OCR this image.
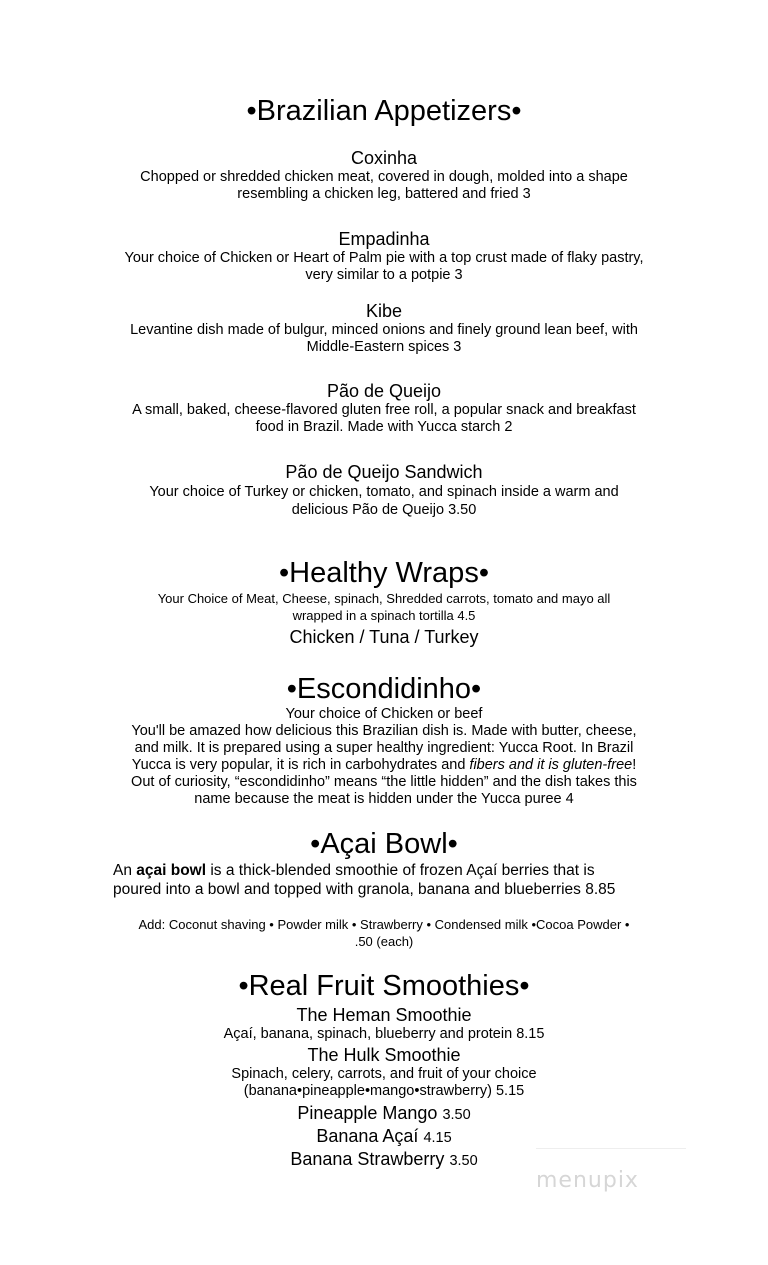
•Brazilian Appetizers•
Coxinha
Chopped or shredded chicken meat, covered in dough, molded into a shape
resembling a chicken leg, battered and fried 3
Empadinha
Your choice of Chicken or Heart of Palm pie with a top crust made of flaky pastry,
very similar to a potpie 3
Kibe
Levantine dish made of bulgur, minced onions and finely ground lean beef, with
Middle-Eastern spices 3
Pão de Queijo
A small, baked, cheese-flavored gluten free roll, a popular snack and breakfast
food in Brazil. Made with Yucca starch 2
Pão de Queijo Sandwich
Your choice of Turkey or chicken, tomato, and spinach inside a warm and
delicious Pão de Queijo 3.50
•Healthy Wraps•
Your Choice of Meat, Cheese, spinach, Shredded carrots, tomato and mayo all
wrapped in a spinach tortilla 4.5
Chicken / Tuna / Turkey
•Escondidinho•
Your choice of Chicken or beef
You'll be amazed how delicious this Brazilian dish is. Made with butter, cheese,
and milk. It is prepared using a super healthy ingredient: Yucca Root. In Brazil
Yucca is very popular, it is rich in carbohydrates and fibers and it is gluten-free!
Out of curiosity, “escondidinho” means “the little hidden” and the dish takes this
name because the meat is hidden under the Yucca puree 4
•Açai Bowl•
An açai bowl is a thick-blended smoothie of frozen Açaí berries that is
poured into a bowl and topped with granola, banana and blueberries 8.85
Add: Coconut shaving • Powder milk • Strawberry • Condensed milk •Cocoa Powder •
.50 (each)
•Real Fruit Smoothies•
The Heman Smoothie
Açaí, banana, spinach, blueberry and protein 8.15
The Hulk Smoothie
Spinach, celery, carrots, and fruit of your choice
(banana•pineapple•mango•strawberry) 5.15
Pineapple Mango 3.50
Banana Açaí 4.15
Banana Strawberry 3.50
menupix
